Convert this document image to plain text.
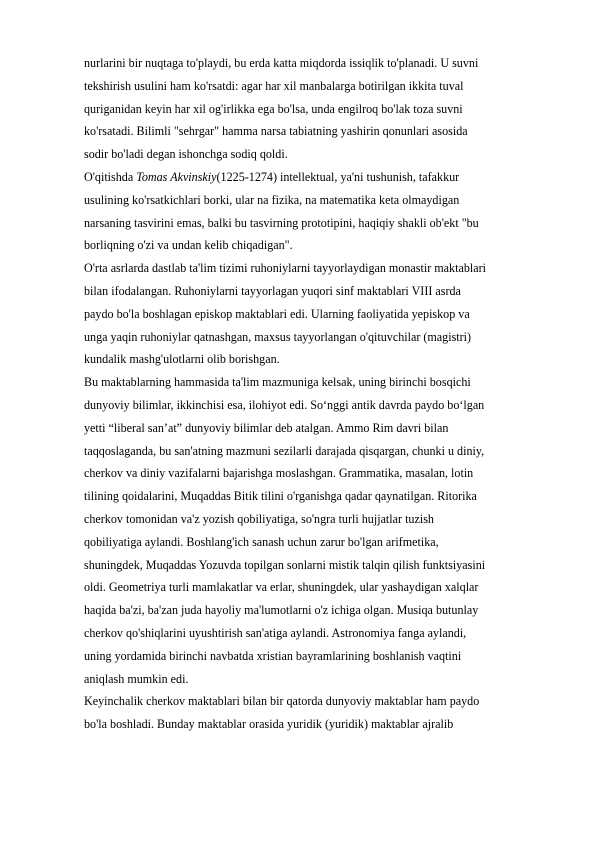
nurlarini bir nuqtaga to'playdi, bu erda katta miqdorda issiqlik to'planadi. U suvni
tekshirish usulini ham ko'rsatdi: agar har xil manbalarga botirilgan ikkita tuval
quriganidan keyin har xil og'irlikka ega bo'lsa, unda engilroq bo'lak toza suvni
ko'rsatadi. Bilimli "sehrgar" hamma narsa tabiatning yashirin qonunlari asosida
sodir bo'ladi degan ishonchga sodiq qoldi.
O'qitishda Tomas Akvinskiy(1225-1274) intellektual, ya'ni tushunish, tafakkur
usulining ko'rsatkichlari borki, ular na fizika, na matematika keta olmaydigan
narsaning tasvirini emas, balki bu tasvirning prototipini, haqiqiy shakli ob'ekt "bu
borliqning o'zi va undan kelib chiqadigan".
O'rta asrlarda dastlab ta'lim tizimi ruhoniylarni tayyorlaydigan monastir maktablari
bilan ifodalangan. Ruhoniylarni tayyorlagan yuqori sinf maktablari VIII asrda
paydo bo'la boshlagan episkop maktablari edi. Ularning faoliyatida yepiskop va
unga yaqin ruhoniylar qatnashgan, maxsus tayyorlangan o'qituvchilar (magistri)
kundalik mashg'ulotlarni olib borishgan.
Bu maktablarning hammasida ta'lim mazmuniga kelsak, uning birinchi bosqichi
dunyoviy bilimlar, ikkinchisi esa, ilohiyot edi. So‘nggi antik davrda paydo bo‘lgan
yetti “liberal san’at” dunyoviy bilimlar deb atalgan. Ammo Rim davri bilan
taqqoslaganda, bu san'atning mazmuni sezilarli darajada qisqargan, chunki u diniy,
cherkov va diniy vazifalarni bajarishga moslashgan. Grammatika, masalan, lotin
tilining qoidalarini, Muqaddas Bitik tilini o'rganishga qadar qaynatilgan. Ritorika
cherkov tomonidan va'z yozish qobiliyatiga, so'ngra turli hujjatlar tuzish
qobiliyatiga aylandi. Boshlang'ich sanash uchun zarur bo'lgan arifmetika,
shuningdek, Muqaddas Yozuvda topilgan sonlarni mistik talqin qilish funktsiyasini
oldi. Geometriya turli mamlakatlar va erlar, shuningdek, ular yashaydigan xalqlar
haqida ba'zi, ba'zan juda hayoliy ma'lumotlarni o'z ichiga olgan. Musiqa butunlay
cherkov qo'shiqlarini uyushtirish san'atiga aylandi. Astronomiya fanga aylandi,
uning yordamida birinchi navbatda xristian bayramlarining boshlanish vaqtini
aniqlash mumkin edi.
Keyinchalik cherkov maktablari bilan bir qatorda dunyoviy maktablar ham paydo
bo'la boshladi. Bunday maktablar orasida yuridik (yuridik) maktablar ajralib
